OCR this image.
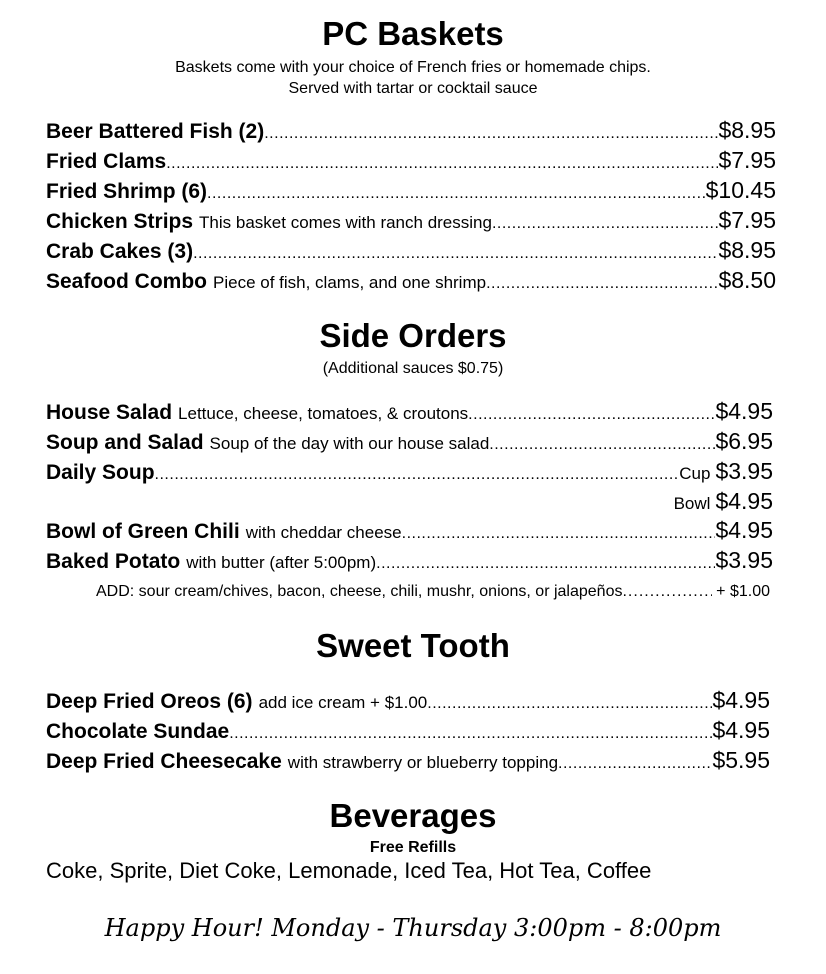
PC Baskets
Baskets come with your choice of French fries or homemade chips.
Served with tartar or cocktail sauce
Beer Battered Fish (2) .....	$8.95
Fried Clams .....	$7.95
Fried Shrimp (6) .....	$10.45
Chicken Strips This basket comes with ranch dressing .....	$7.95
Crab Cakes (3) .....	$8.95
Seafood Combo Piece of fish, clams, and one shrimp .....	$8.50
Side Orders
(Additional sauces $0.75)
House Salad Lettuce, cheese, tomatoes, & croutons .....	$4.95
Soup and Salad Soup of the day with our house salad .....	$6.95
Daily Soup .....	Cup $3.95
Bowl $4.95
Bowl of Green Chili with cheddar cheese .....	$4.95
Baked Potato with butter (after 5:00pm) .....	$3.95
ADD: sour cream/chives, bacon, cheese, chili, mushr, onions, or jalapeños .....	+ $1.00
Sweet Tooth
Deep Fried Oreos (6) add ice cream + $1.00 .....	$4.95
Chocolate Sundae .....	$4.95
Deep Fried Cheesecake with strawberry or blueberry topping .....	$5.95
Beverages
Free Refills
Coke, Sprite, Diet Coke, Lemonade, Iced Tea, Hot Tea, Coffee
Happy Hour! Monday - Thursday 3:00pm - 8:00pm
